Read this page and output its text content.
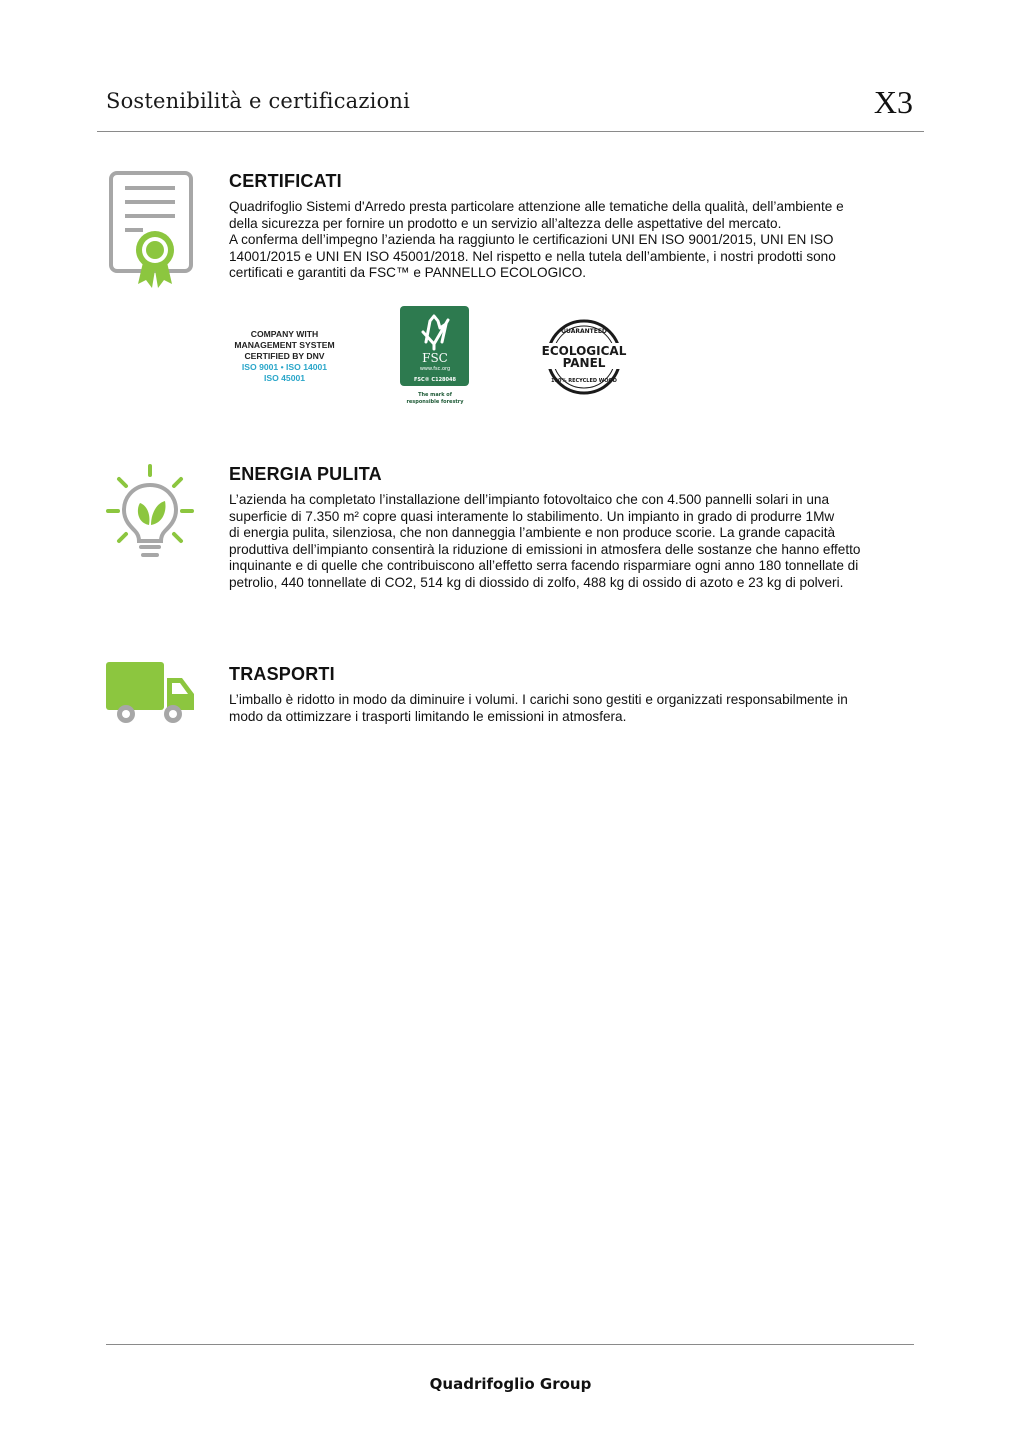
Sostenibilità e certificazioni	X3
CERTIFICATI

Quadrifoglio Sistemi d'Arredo presta particolare attenzione alle tematiche della qualità, dell’ambiente e
della sicurezza per fornire un prodotto e un servizio all’altezza delle aspettative del mercato.
A conferma dell’impegno l’azienda ha raggiunto le certificazioni UNI EN ISO 9001/2015, UNI EN ISO
14001/2015 e UNI EN ISO 45001/2018. Nel rispetto e nella tutela dell’ambiente, i nostri prodotti sono
certificati e garantiti da FSC™ e PANNELLO ECOLOGICO.

COMPANY WITH
MANAGEMENT SYSTEM
CERTIFIED BY DNV
ISO 9001 • ISO 14001
ISO 45001
FSC
www.fsc.org
FSC® C128048
The mark of
responsible forestry
GUARANTEED
ECOLOGICAL
PANEL
100% RECYCLED WOOD
ENERGIA PULITA

L’azienda ha completato l’installazione dell’impianto fotovoltaico che con 4.500 pannelli solari in una
superficie di 7.350 m² copre quasi interamente lo stabilimento. Un impianto in grado di produrre 1Mw
di energia pulita, silenziosa, che non danneggia l’ambiente e non produce scorie. La grande capacità
produttiva dell’impianto consentirà la riduzione di emissioni in atmosfera delle sostanze che hanno effetto
inquinante e di quelle che contribuiscono all’effetto serra facendo risparmiare ogni anno 180 tonnellate di
petrolio, 440 tonnellate di CO2, 514 kg di diossido di zolfo, 488 kg di ossido di azoto e 23 kg di polveri.

TRASPORTI

L’imballo è ridotto in modo da diminuire i volumi. I carichi sono gestiti e organizzati responsabilmente in
modo da ottimizzare i trasporti limitando le emissioni in atmosfera.

Quadrifoglio Group
